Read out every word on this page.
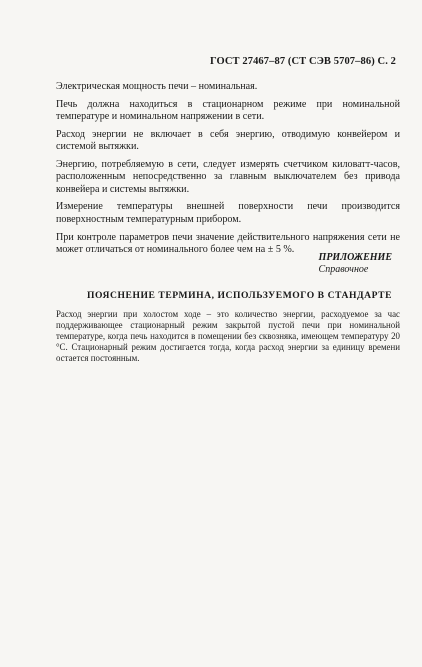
ГОСТ 27467–87 (СТ СЭВ 5707–86) С. 2

Электрическая мощность печи – номинальная.

Печь должна находиться в стационарном режиме при номинальной температуре и номинальном напряжении в сети.

Расход энергии не включает в себя энергию, отводимую конвейером и системой вытяжки.

Энергию, потребляемую в сети, следует измерять счетчиком киловатт-часов, расположенным непосредственно за главным выключателем без привода конвейера и системы вытяжки.

Измерение температуры внешней поверхности печи производится поверхностным температурным прибором.

При контроле параметров печи значение действительного напряжения сети не может отличаться от номинального более чем на ± 5 %.

ПРИЛОЖЕНИЕ
Справочное
ПОЯСНЕНИЕ ТЕРМИНА, ИСПОЛЬЗУЕМОГО В СТАНДАРТЕ
Расход энергии при холостом ходе – это количество энергии, расходуемое за час поддерживающее стационарный режим закрытой пустой печи при номинальной температуре, когда печь находится в помещении без сквозняка, имеющем температуру 20 °С. Стационарный режим достигается тогда, когда расход энергии за единицу времени остается постоянным.
